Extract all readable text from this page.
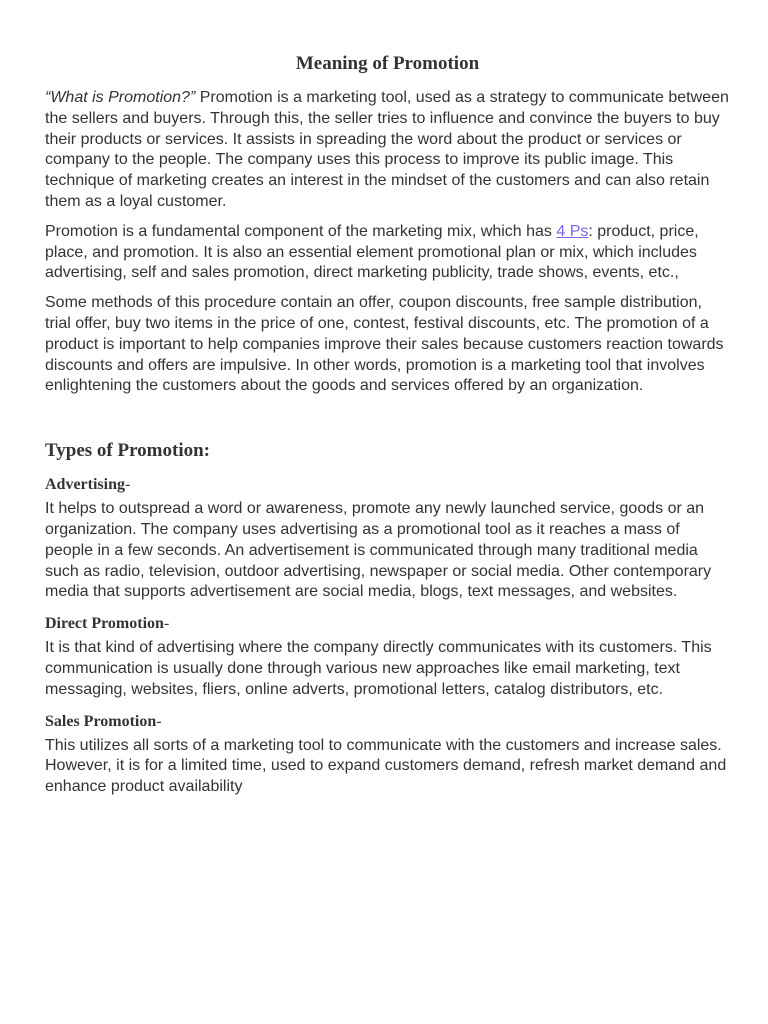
Meaning of Promotion

“What is Promotion?” Promotion is a marketing tool, used as a strategy to communicate between the sellers and buyers. Through this, the seller tries to influence and convince the buyers to buy their products or services. It assists in spreading the word about the product or services or company to the people. The company uses this process to improve its public image. This technique of marketing creates an interest in the mindset of the customers and can also retain them as a loyal customer.

Promotion is a fundamental component of the marketing mix, which has 4 Ps: product, price, place, and promotion. It is also an essential element promotional plan or mix, which includes advertising, self and sales promotion, direct marketing publicity, trade shows, events, etc.,

Some methods of this procedure contain an offer, coupon discounts, free sample distribution, trial offer, buy two items in the price of one, contest, festival discounts, etc. The promotion of a product is important to help companies improve their sales because customers reaction towards discounts and offers are impulsive. In other words, promotion is a marketing tool that involves enlightening the customers about the goods and services offered by an organization.

Types of Promotion:
Advertising-

It helps to outspread a word or awareness, promote any newly launched service, goods or an organization. The company uses advertising as a promotional tool as it reaches a mass of people in a few seconds. An advertisement is communicated through many traditional media such as radio, television, outdoor advertising, newspaper or social media. Other contemporary media that supports advertisement are social media, blogs, text messages, and websites.

Direct Promotion-

It is that kind of advertising where the company directly communicates with its customers. This communication is usually done through various new approaches like email marketing, text messaging, websites, fliers, online adverts, promotional letters, catalog distributors, etc.

Sales Promotion-

This utilizes all sorts of a marketing tool to communicate with the customers and increase sales. However, it is for a limited time, used to expand customers demand, refresh market demand and enhance product availability
